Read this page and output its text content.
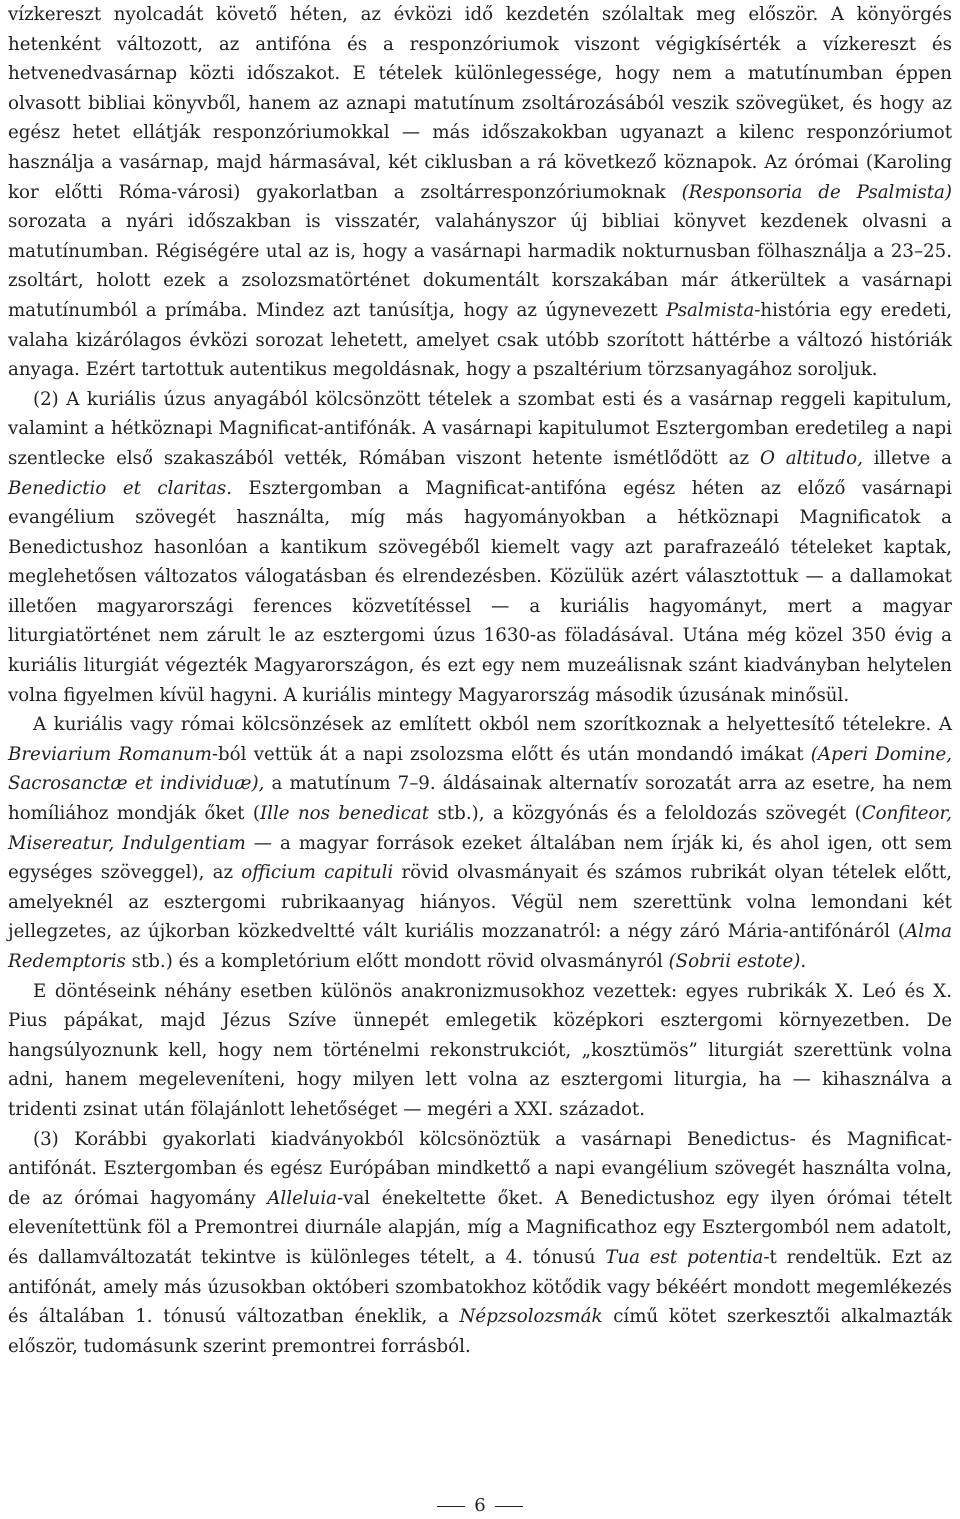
vízkereszt nyolcadát követő héten, az évközi idő kezdetén szólaltak meg először. A könyörgés hetenként változott, az antifóna és a responzóriumok viszont végigkísérték a vízkereszt és hetvenedvasárnap közti időszakot. E tételek különlegessége, hogy nem a matutínumban éppen olvasott bibliai könyvből, hanem az aznapi matutínum zsoltározásából veszik szövegüket, és hogy az egész hetet ellátják responzóriumokkal — más időszakokban ugyanazt a kilenc responzóriumot használja a vasárnap, majd hármasával, két ciklusban a rá következő köznapok. Az órómai (Karoling kor előtti Róma-városi) gyakorlatban a zsoltárresponzóriumoknak (Responsoria de Psalmista) sorozata a nyári időszakban is visszatér, valahányszor új bibliai könyvet kezdenek olvasni a matutínumban. Régiségére utal az is, hogy a vasárnapi harmadik nokturnusban fölhasználja a 23–25. zsoltárt, holott ezek a zsolozsmatörténet dokumentált korszakában már átkerültek a vasárnapi matutínumból a prímába. Mindez azt tanúsítja, hogy az úgynevezett Psalmista-história egy eredeti, valaha kizárólagos évközi sorozat lehetett, amelyet csak utóbb szorított háttérbe a változó históriák anyaga. Ezért tartottuk autentikus megoldásnak, hogy a pszaltérium törzsanyagához soroljuk.

(2) A kuriális úzus anyagából kölcsönzött tételek a szombat esti és a vasárnap reggeli kapitulum, valamint a hétköznapi Magnificat-antifónák. A vasárnapi kapitulumot Esztergomban eredetileg a napi szentlecke első szakaszából vették, Rómában viszont hetente ismétlődött az O altitudo, illetve a Benedictio et claritas. Esztergomban a Magnificat-antifóna egész héten az előző vasárnapi evangélium szövegét használta, míg más hagyományokban a hétköznapi Magnificatok a Benedictushoz hasonlóan a kantikum szövegéből kiemelt vagy azt parafrazeáló tételeket kaptak, meglehetősen változatos válogatásban és elrendezésben. Közülük azért választottuk — a dallamokat illetően magyarországi ferences közvetítéssel — a kuriális hagyományt, mert a magyar liturgiatörténet nem zárult le az esztergomi úzus 1630-as föladásával. Utána még közel 350 évig a kuriális liturgiát végezték Magyarországon, és ezt egy nem muzeálisnak szánt kiadványban helytelen volna figyelmen kívül hagyni. A kuriális mintegy Magyarország második úzusának minősül.

A kuriális vagy római kölcsönzések az említett okból nem szorítkoznak a helyettesítő tételekre. A Breviarium Romanum-ból vettük át a napi zsolozsma előtt és után mondandó imákat (Aperi Domine, Sacrosanctæ et individuæ), a matutínum 7–9. áldásainak alternatív sorozatát arra az esetre, ha nem homíliához mondják őket (Ille nos benedicat stb.), a közgyónás és a feloldozás szövegét (Confiteor, Misereatur, Indulgentiam — a magyar források ezeket általában nem írják ki, és ahol igen, ott sem egységes szöveggel), az officium capituli rövid olvasmányait és számos rubrikát olyan tételek előtt, amelyeknél az esztergomi rubrikaanyag hiányos. Végül nem szerettünk volna lemondani két jellegzetes, az újkorban közkedveltté vált kuriális mozzanatról: a négy záró Mária-antifónáról (Alma Redemptoris stb.) és a kompletórium előtt mondott rövid olvasmányról (Sobrii estote).

E döntéseink néhány esetben különös anakronizmusokhoz vezettek: egyes rubrikák X. Leó és X. Pius pápákat, majd Jézus Szíve ünnepét emlegetik középkori esztergomi környezetben. De hangsúlyoznunk kell, hogy nem történelmi rekonstrukciót, „kosztümös” liturgiát szerettünk volna adni, hanem megeleveníteni, hogy milyen lett volna az esztergomi liturgia, ha — kihasználva a tridenti zsinat után fölajánlott lehetőséget — megéri a XXI. századot.

(3) Korábbi gyakorlati kiadványokból kölcsönöztük a vasárnapi Benedictus- és Magnificat-antifónát. Esztergomban és egész Európában mindkettő a napi evangélium szövegét használta volna, de az órómai hagyomány Alleluia-val énekeltette őket. A Benedictushoz egy ilyen órómai tételt elevenítettünk föl a Premontrei diurnále alapján, míg a Magnificathoz egy Esztergomból nem adatolt, és dallamváltozatát tekintve is különleges tételt, a 4. tónusú Tua est potentia-t rendeltük. Ezt az antifónát, amely más úzusokban októberi szombatokhoz kötődik vagy békéért mondott megemlékezés és általában 1. tónusú változatban éneklik, a Népzsolozsmák című kötet szerkesztői alkalmazták először, tudomásunk szerint premontrei forrásból.

6
